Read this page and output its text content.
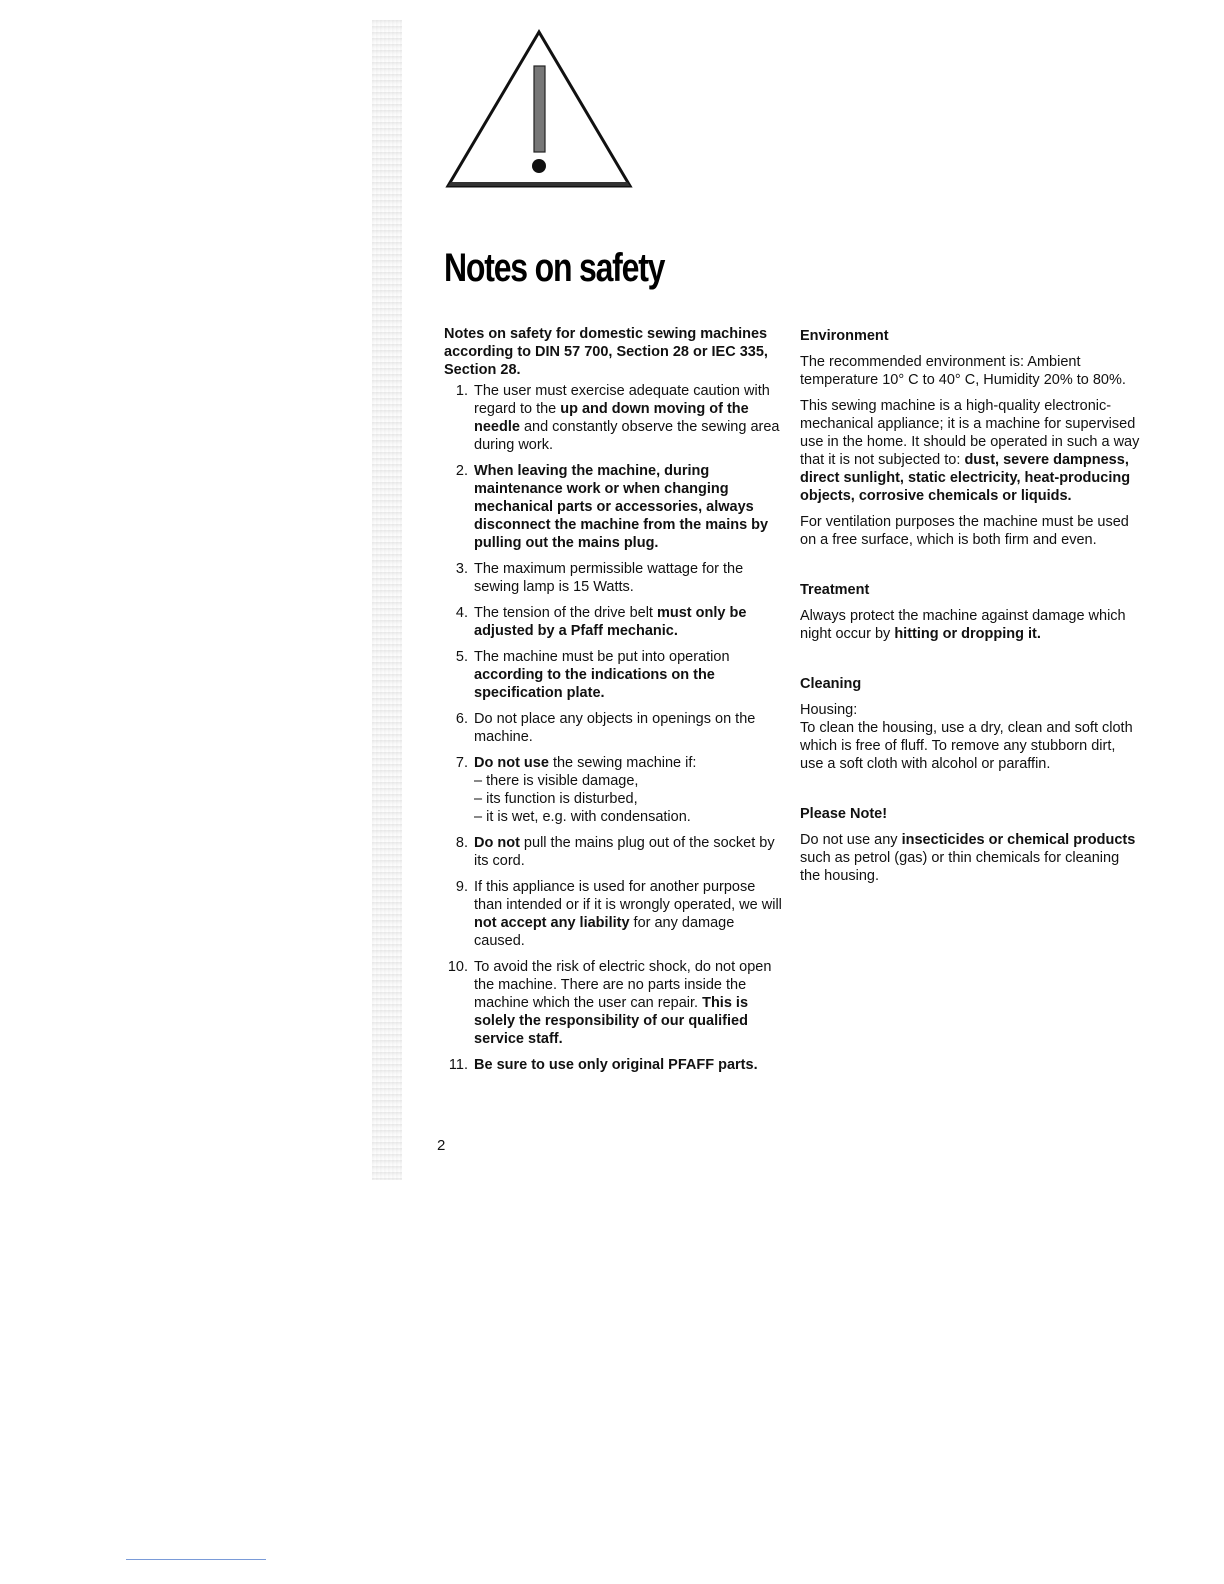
Notes on safety

Notes on safety for domestic sewing machines according to DIN 57 700, Section 28 or IEC 335, Section 28.

1. The user must exercise adequate caution with regard to the up and down moving of the needle and constantly observe the sewing area during work.
2. When leaving the machine, during maintenance work or when changing mechanical parts or accessories, always disconnect the machine from the mains by pulling out the mains plug.
3. The maximum permissible wattage for the sewing lamp is 15 Watts.
4. The tension of the drive belt must only be adjusted by a Pfaff mechanic.
5. The machine must be put into operation according to the indications on the specification plate.
6. Do not place any objects in openings on the machine.
7. Do not use the sewing machine if:
– there is visible damage,
– its function is disturbed,
– it is wet, e.g. with condensation.
8. Do not pull the mains plug out of the socket by its cord.
9. If this appliance is used for another purpose than intended or if it is wrongly operated, we will not accept any liability for any damage caused.
10. To avoid the risk of electric shock, do not open the machine. There are no parts inside the machine which the user can repair. This is solely the responsibility of our qualified service staff.
11. Be sure to use only original PFAFF parts.

Environment

The recommended environment is: Ambient temperature 10° C to 40° C, Humidity 20% to 80%.

This sewing machine is a high-quality electronic-mechanical appliance; it is a machine for supervised use in the home. It should be operated in such a way that it is not subjected to: dust, severe dampness, direct sunlight, static electricity, heat-producing objects, corrosive chemicals or liquids.

For ventilation purposes the machine must be used on a free surface, which is both firm and even.

Treatment

Always protect the machine against damage which night occur by hitting or dropping it.

Cleaning

Housing:

To clean the housing, use a dry, clean and soft cloth which is free of fluff. To remove any stubborn dirt, use a soft cloth with alcohol or paraffin.

Please Note!

Do not use any insecticides or chemical products such as petrol (gas) or thin chemicals for cleaning the housing.

2
